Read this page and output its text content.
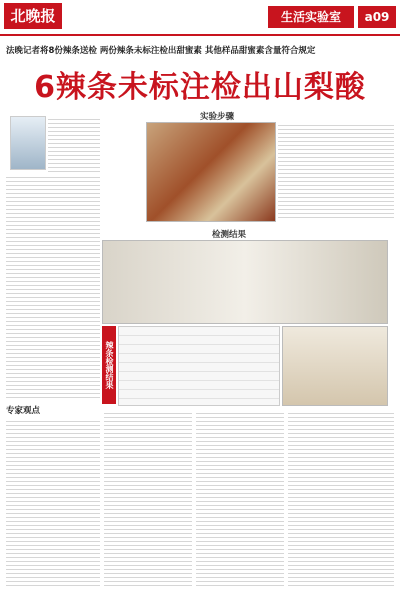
北晚报	生活实验室	a09
法晚记者将8份辣条送检 两份辣条未标注检出甜蜜素 其他样品甜蜜素含量符合规定
6辣条未标注检出山梨酸
实验步骤
检测结果
辣条检测结果
专家观点
